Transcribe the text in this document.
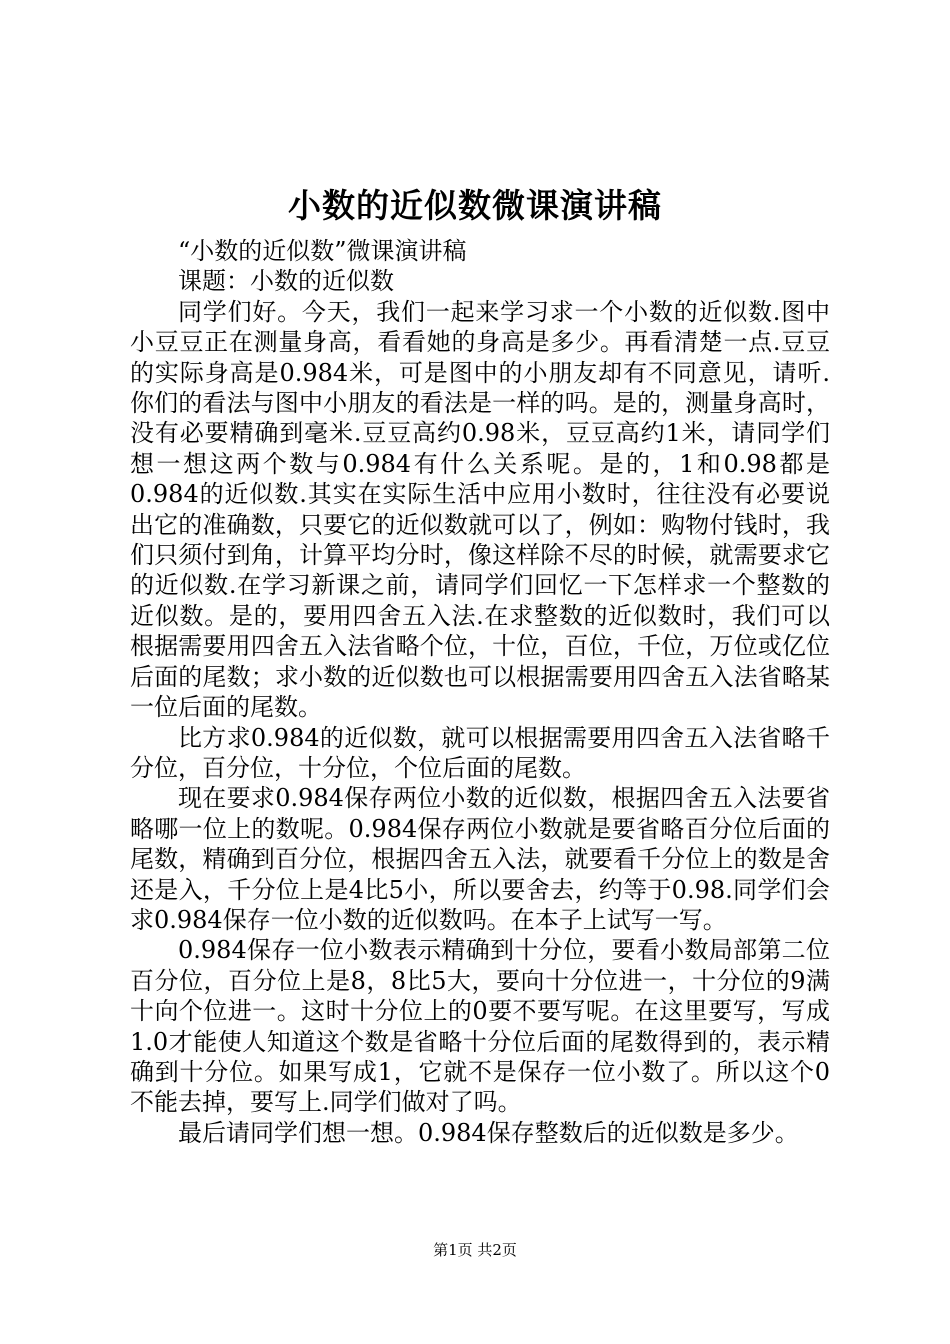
小数的近似数微课演讲稿

“小数的近似数”微课演讲稿

课题：小数的近似数

同学们好。今天，我们一起来学习求一个小数的近似数.图中小豆豆正在测量身高，看看她的身高是多少。再看清楚一点.豆豆的实际身高是0.984米，可是图中的小朋友却有不同意见，请听.你们的看法与图中小朋友的看法是一样的吗。是的，测量身高时，没有必要精确到毫米.豆豆高约0.98米，豆豆高约1米，请同学们想一想这两个数与0.984有什么关系呢。是的，1和0.98都是0.984的近似数.其实在实际生活中应用小数时，往往没有必要说出它的准确数，只要它的近似数就可以了，例如：购物付钱时，我们只须付到角，计算平均分时，像这样除不尽的时候，就需要求它的近似数.在学习新课之前，请同学们回忆一下怎样求一个整数的近似数。是的，要用四舍五入法.在求整数的近似数时，我们可以根据需要用四舍五入法省略个位，十位，百位，千位，万位或亿位后面的尾数；求小数的近似数也可以根据需要用四舍五入法省略某一位后面的尾数。

比方求0.984的近似数，就可以根据需要用四舍五入法省略千分位，百分位，十分位，个位后面的尾数。

现在要求0.984保存两位小数的近似数，根据四舍五入法要省略哪一位上的数呢。0.984保存两位小数就是要省略百分位后面的尾数，精确到百分位，根据四舍五入法，就要看千分位上的数是舍还是入，千分位上是4比5小，所以要舍去，约等于0.98.同学们会求0.984保存一位小数的近似数吗。在本子上试写一写。

0.984保存一位小数表示精确到十分位，要看小数局部第二位百分位，百分位上是8，8比5大，要向十分位进一，十分位的9满十向个位进一。这时十分位上的0要不要写呢。在这里要写，写成1.0才能使人知道这个数是省略十分位后面的尾数得到的，表示精确到十分位。如果写成1，它就不是保存一位小数了。所以这个0不能去掉，要写上.同学们做对了吗。

最后请同学们想一想。0.984保存整数后的近似数是多少。

第1页 共2页
